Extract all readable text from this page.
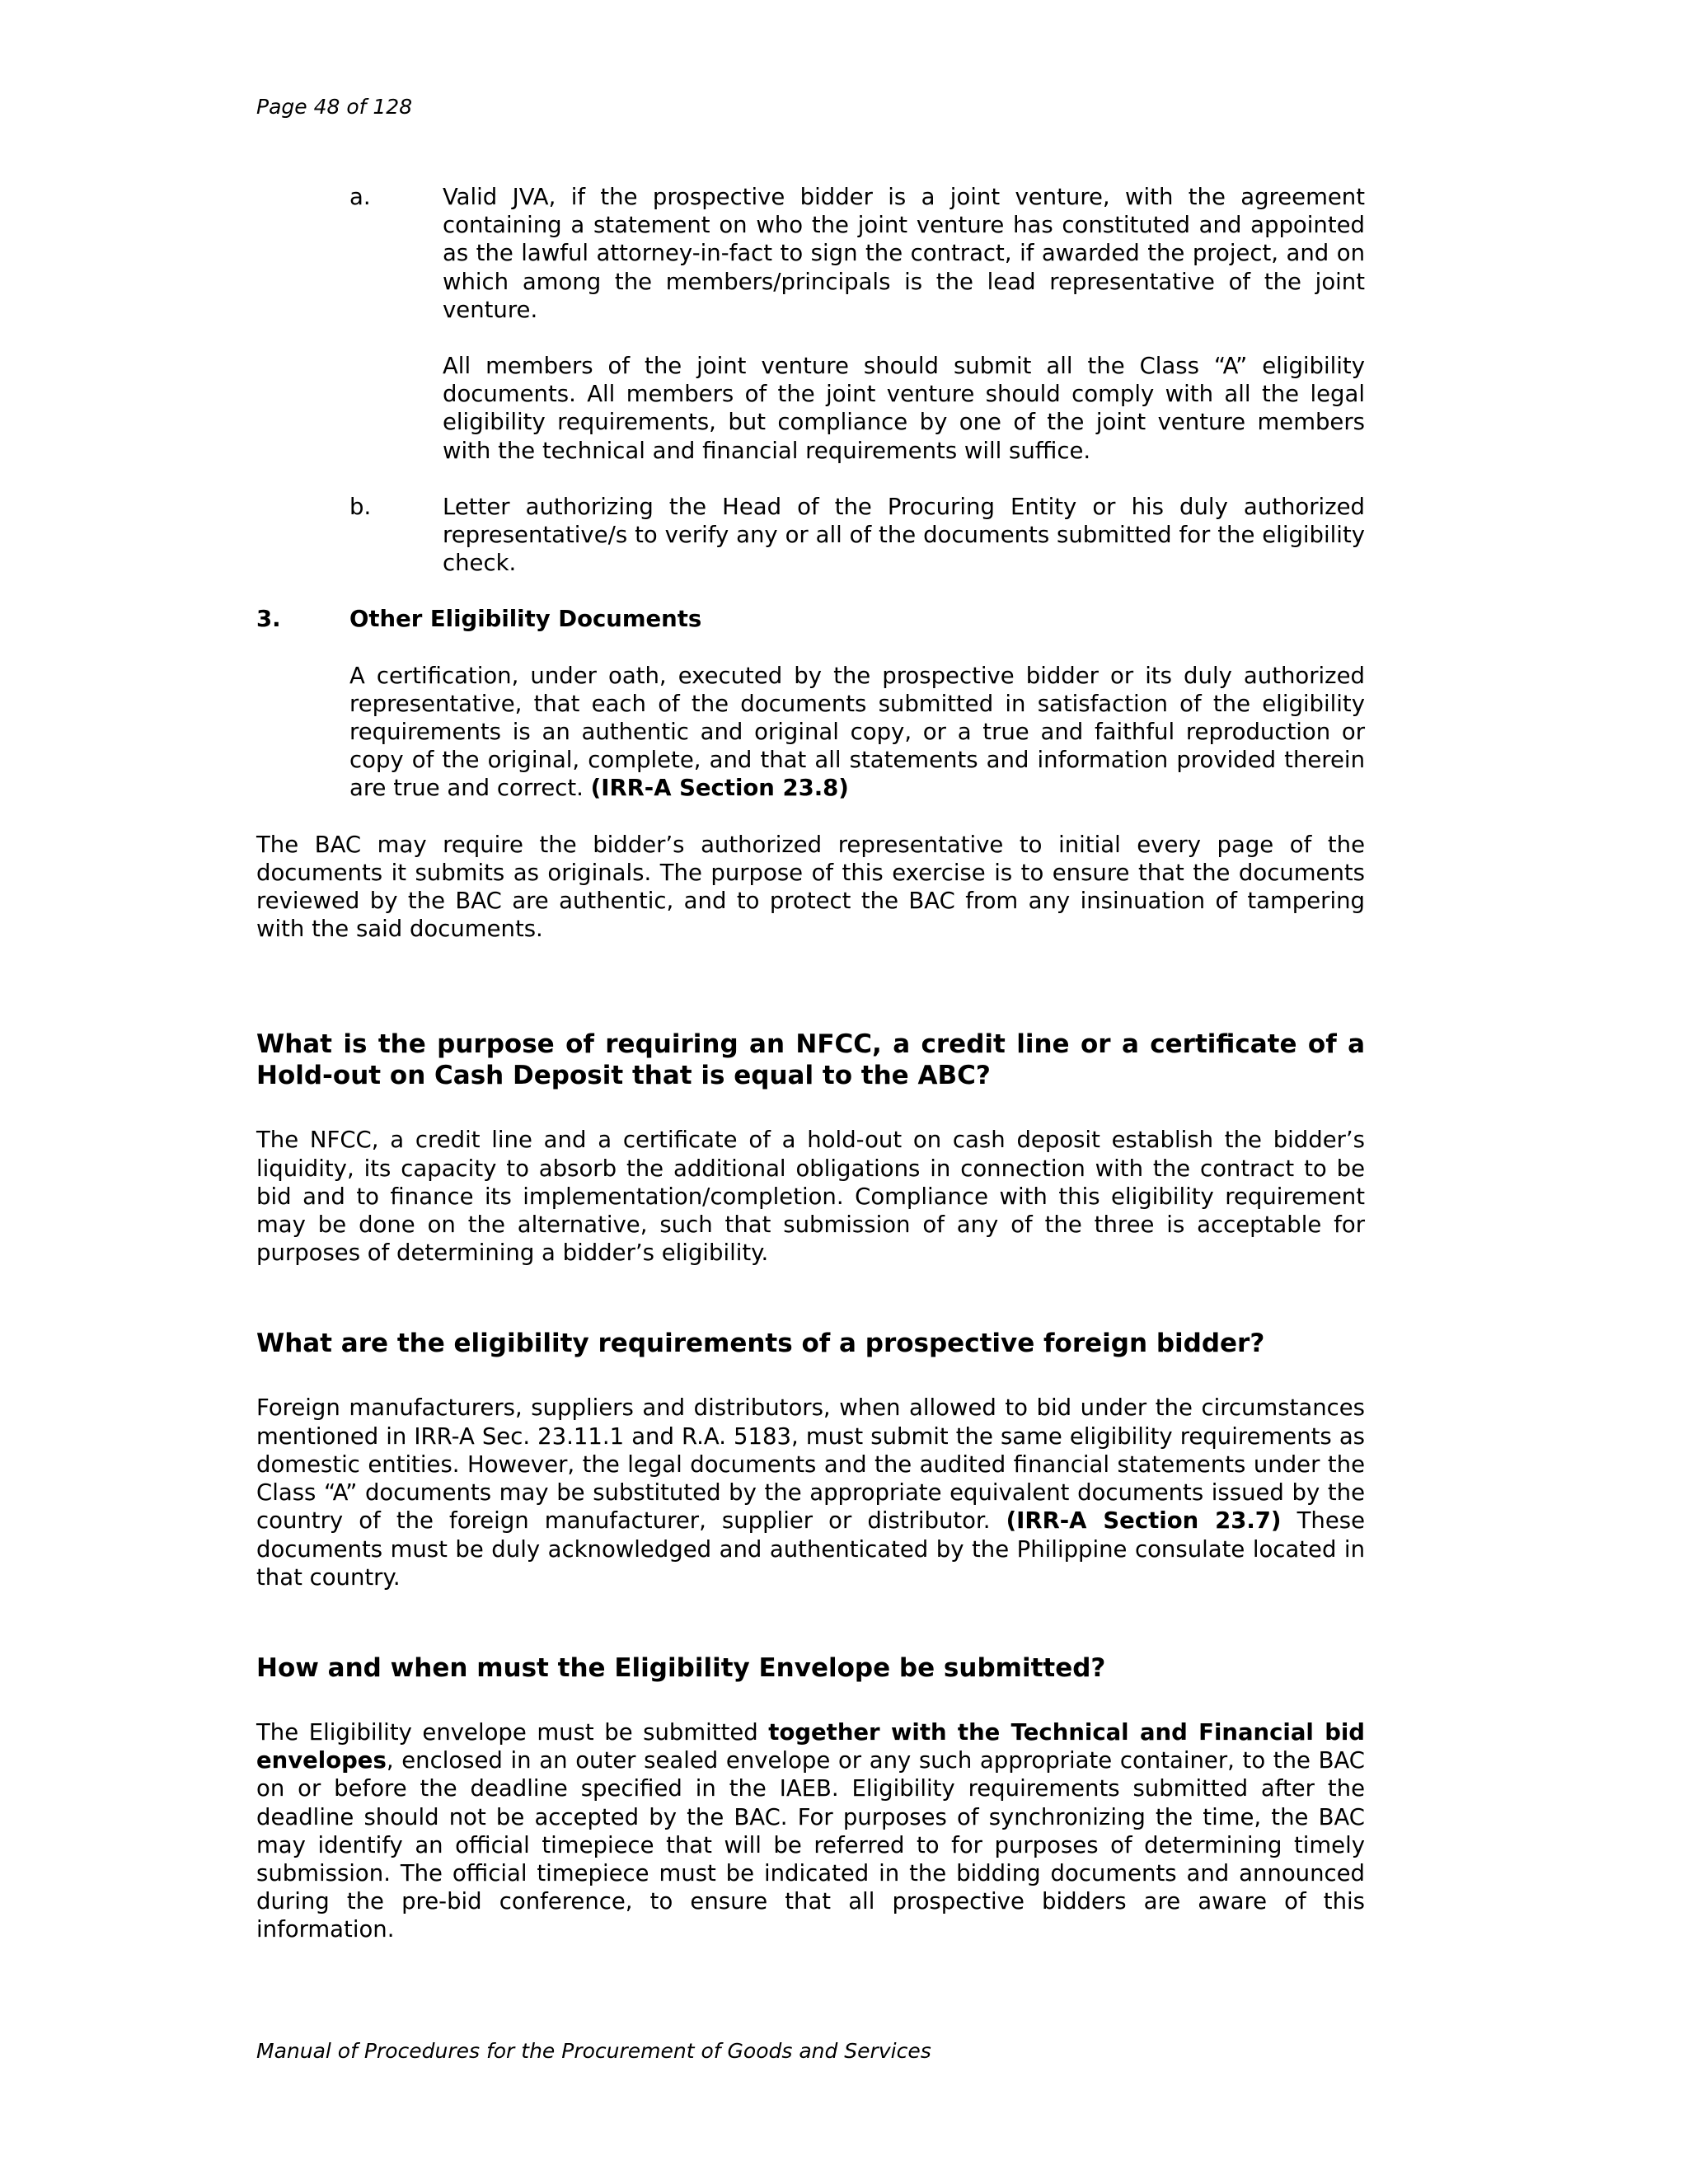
Page 48 of 128

a.	Valid JVA, if the prospective bidder is a joint venture, with the agreement containing a statement on who the joint venture has constituted and appointed as the lawful attorney-in-fact to sign the contract, if awarded the project, and on which among the members/principals is the lead representative of the joint venture.

All members of the joint venture should submit all the Class “A” eligibility documents. All members of the joint venture should comply with all the legal eligibility requirements, but compliance by one of the joint venture members with the technical and financial requirements will suffice.

b.	Letter authorizing the Head of the Procuring Entity or his duly authorized representative/s to verify any or all of the documents submitted for the eligibility check.

3.	Other Eligibility Documents

A certification, under oath, executed by the prospective bidder or its duly authorized representative, that each of the documents submitted in satisfaction of the eligibility requirements is an authentic and original copy, or a true and faithful reproduction or copy of the original, complete, and that all statements and information provided therein are true and correct. (IRR-A Section 23.8)

The BAC may require the bidder’s authorized representative to initial every page of the documents it submits as originals. The purpose of this exercise is to ensure that the documents reviewed by the BAC are authentic, and to protect the BAC from any insinuation of tampering with the said documents.

What is the purpose of requiring an NFCC, a credit line or a certificate of a Hold-out on Cash Deposit that is equal to the ABC?

The NFCC, a credit line and a certificate of a hold-out on cash deposit establish the bidder’s liquidity, its capacity to absorb the additional obligations in connection with the contract to be bid and to finance its implementation/completion. Compliance with this eligibility requirement may be done on the alternative, such that submission of any of the three is acceptable for purposes of determining a bidder’s eligibility.

What are the eligibility requirements of a prospective foreign bidder?

Foreign manufacturers, suppliers and distributors, when allowed to bid under the circumstances mentioned in IRR-A Sec. 23.11.1 and R.A. 5183, must submit the same eligibility requirements as domestic entities. However, the legal documents and the audited financial statements under the Class “A” documents may be substituted by the appropriate equivalent documents issued by the country of the foreign manufacturer, supplier or distributor. (IRR-A Section 23.7) These documents must be duly acknowledged and authenticated by the Philippine consulate located in that country.

How and when must the Eligibility Envelope be submitted?

The Eligibility envelope must be submitted together with the Technical and Financial bid envelopes, enclosed in an outer sealed envelope or any such appropriate container, to the BAC on or before the deadline specified in the IAEB. Eligibility requirements submitted after the deadline should not be accepted by the BAC. For purposes of synchronizing the time, the BAC may identify an official timepiece that will be referred to for purposes of determining timely submission. The official timepiece must be indicated in the bidding documents and announced during the pre-bid conference, to ensure that all prospective bidders are aware of this information.

Manual of Procedures for the Procurement of Goods and Services
